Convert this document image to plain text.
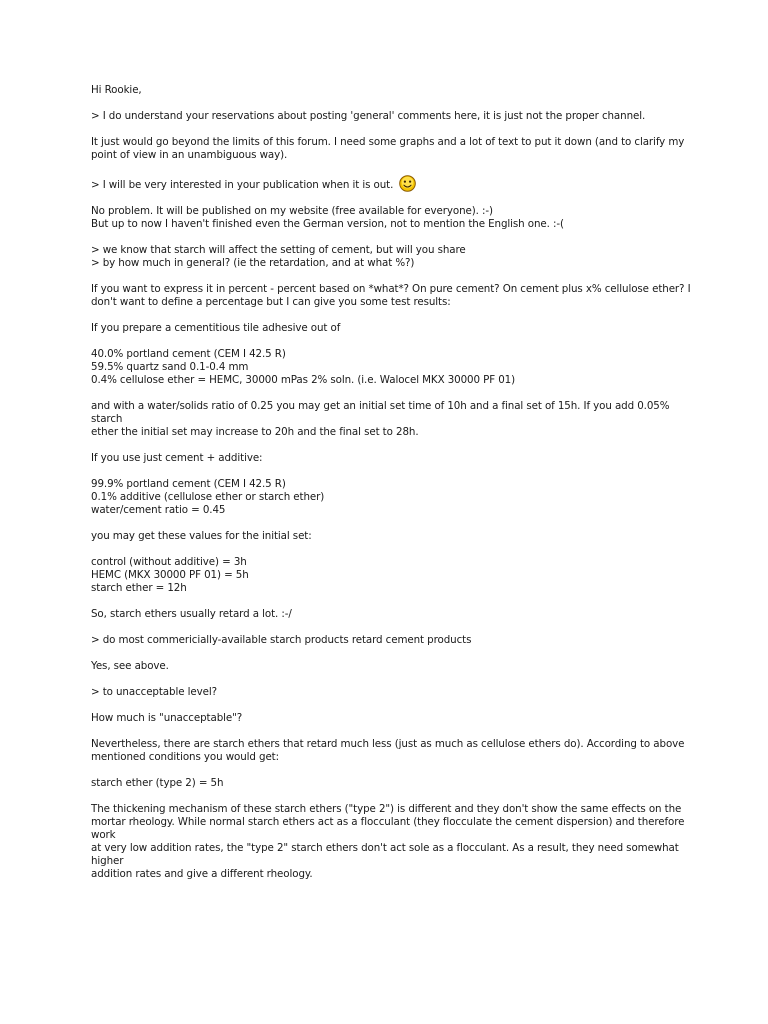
Hi Rookie,

> I do understand your reservations about posting 'general' comments here, it is just not the proper channel.

It just would go beyond the limits of this forum. I need some graphs and a lot of text to put it down (and to clarify my
point of view in an unambiguous way).

> I will be very interested in your publication when it is out.

No problem. It will be published on my website (free available for everyone). :-)
But up to now I haven't finished even the German version, not to mention the English one. :-(

> we know that starch will affect the setting of cement, but will you share
> by how much in general? (ie the retardation, and at what %?)

If you want to express it in percent - percent based on *what*? On pure cement? On cement plus x% cellulose ether? I
don't want to define a percentage but I can give you some test results:

If you prepare a cementitious tile adhesive out of

40.0% portland cement (CEM I 42.5 R)
59.5% quartz sand 0.1-0.4 mm
0.4% cellulose ether = HEMC, 30000 mPas 2% soln. (i.e. Walocel MKX 30000 PF 01)

and with a water/solids ratio of 0.25 you may get an initial set time of 10h and a final set of 15h. If you add 0.05% starch
ether the initial set may increase to 20h and the final set to 28h.

If you use just cement + additive:

99.9% portland cement (CEM I 42.5 R)
0.1% additive (cellulose ether or starch ether)
water/cement ratio = 0.45

you may get these values for the initial set:

control (without additive) = 3h
HEMC (MKX 30000 PF 01) = 5h
starch ether = 12h

So, starch ethers usually retard a lot. :-/

> do most commericially-available starch products retard cement products

Yes, see above.

> to unacceptable level?

How much is "unacceptable"?

Nevertheless, there are starch ethers that retard much less (just as much as cellulose ethers do). According to above
mentioned conditions you would get:

starch ether (type 2) = 5h

The thickening mechanism of these starch ethers ("type 2") is different and they don't show the same effects on the
mortar rheology. While normal starch ethers act as a flocculant (they flocculate the cement dispersion) and therefore work
at very low addition rates, the "type 2" starch ethers don't act sole as a flocculant. As a result, they need somewhat higher
addition rates and give a different rheology.
